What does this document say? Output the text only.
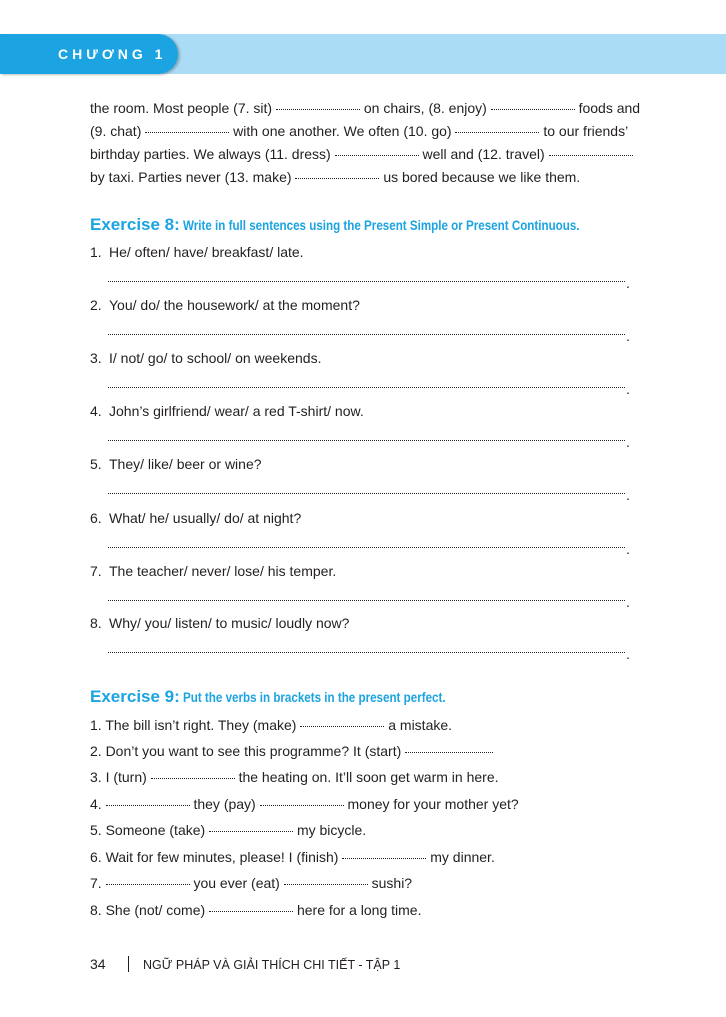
CHƯƠNG 1
the room. Most people (7. sit)	on chairs, (8. enjoy)	foods and
(9. chat)	with one another. We often (10. go)	to our friends’
birthday parties. We always (11. dress)	well and (12. travel)
by taxi. Parties never (13. make)	us bored because we like them.
Exercise 8: Write in full sentences using the Present Simple or Present Continuous.
1. He/ often/ have/ breakfast/ late.
.
2. You/ do/ the housework/ at the moment?
.
3. I/ not/ go/ to school/ on weekends.
.
4. John’s girlfriend/ wear/ a red T-shirt/ now.
.
5. They/ like/ beer or wine?
.
6. What/ he/ usually/ do/ at night?
.
7. The teacher/ never/ lose/ his temper.
.
8. Why/ you/ listen/ to music/ loudly now?
.
Exercise 9: Put the verbs in brackets in the present perfect.
1. The bill isn’t right. They (make)	a mistake.
2. Don’t you want to see this programme? It (start)
3. I (turn)	the heating on. It’ll soon get warm in here.
4.	they (pay)	money for your mother yet?
5. Someone (take)	my bicycle.
6. Wait for few minutes, please! I (finish)	my dinner.
7.	you ever (eat)	sushi?
8. She (not/ come)	here for a long time.
34	NGỮ PHÁP VÀ GIẢI THÍCH CHI TIẾT - TẬP 1
